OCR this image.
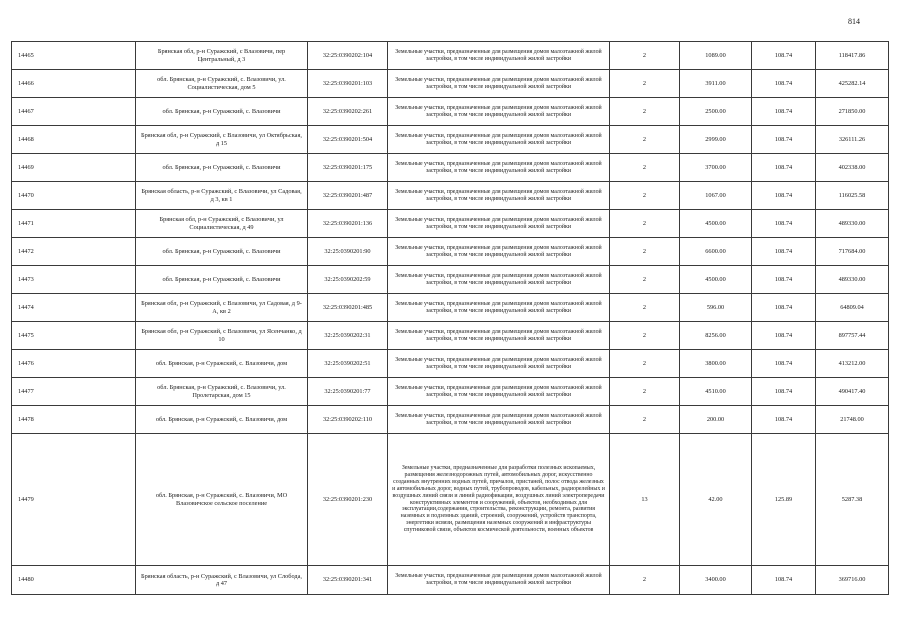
814
14465	Брянская обл, р-н Суражский, с Влазовичи, пер Центральный, д 3	32:25:0390202:104	Земельные участки, предназначенные для размещения домов малоэтажной жилой застройки, в том числе индивидуальной жилой застройки	2	1089.00	108.74	118417.86
14466	обл. Брянская, р-н Суражский, с. Влазовичи, ул. Социалистическая, дом 5	32:25:0390201:103	Земельные участки, предназначенные для размещения домов малоэтажной жилой застройки, в том числе индивидуальной жилой застройки	2	3911.00	108.74	425282.14
14467	обл. Брянская, р-н Суражский, с. Влазовичи	32:25:0390202:261	Земельные участки, предназначенные для размещения домов малоэтажной жилой застройки, в том числе индивидуальной жилой застройки	2	2500.00	108.74	271850.00
14468	Брянская обл, р-н Суражский, с Влазовичи, ул Октябрьская, д 15	32:25:0390201:504	Земельные участки, предназначенные для размещения домов малоэтажной жилой застройки, в том числе индивидуальной жилой застройки	2	2999.00	108.74	326111.26
14469	обл. Брянская, р-н Суражский, с. Влазовичи	32:25:0390201:175	Земельные участки, предназначенные для размещения домов малоэтажной жилой застройки, в том числе индивидуальной жилой застройки	2	3700.00	108.74	402338.00
14470	Брянская область, р-н Суражский, с Влазовичи, ул Садовая, д 3, кв 1	32:25:0390201:487	Земельные участки, предназначенные для размещения домов малоэтажной жилой застройки, в том числе индивидуальной жилой застройки	2	1067.00	108.74	116025.58
14471	Брянская обл, р-н Суражский, с Влазовичи, ул Социалистическая, д 49	32:25:0390201:136	Земельные участки, предназначенные для размещения домов малоэтажной жилой застройки, в том числе индивидуальной жилой застройки	2	4500.00	108.74	489330.00
14472	обл. Брянская, р-н Суражский, с. Влазовичи	32:25:0390201:90	Земельные участки, предназначенные для размещения домов малоэтажной жилой застройки, в том числе индивидуальной жилой застройки	2	6600.00	108.74	717684.00
14473	обл. Брянская, р-н Суражский, с. Влазовичи	32:25:0390202:59	Земельные участки, предназначенные для размещения домов малоэтажной жилой застройки, в том числе индивидуальной жилой застройки	2	4500.00	108.74	489330.00
14474	Брянская обл, р-н Суражский, с Влазовичи, ул Садовая, д 9-А, кв 2	32:25:0390201:485	Земельные участки, предназначенные для размещения домов малоэтажной жилой застройки, в том числе индивидуальной жилой застройки	2	596.00	108.74	64809.04
14475	Брянская обл, р-н Суражский, с Влазовичи, ул Ясенчанко, д 10	32:25:0390202:31	Земельные участки, предназначенные для размещения домов малоэтажной жилой застройки, в том числе индивидуальной жилой застройки	2	8256.00	108.74	897757.44
14476	обл. Брянская, р-н Суражский, с. Влазовичи, дом	32:25:0390202:51	Земельные участки, предназначенные для размещения домов малоэтажной жилой застройки, в том числе индивидуальной жилой застройки	2	3800.00	108.74	413212.00
14477	обл. Брянская, р-н Суражский, с. Влазовичи, ул. Пролетарская, дом 15	32:25:0390201:77	Земельные участки, предназначенные для размещения домов малоэтажной жилой застройки, в том числе индивидуальной жилой застройки	2	4510.00	108.74	490417.40
14478	обл. Брянская, р-н Суражский, с. Влазовичи, дом	32:25:0390202:110	Земельные участки, предназначенные для размещения домов малоэтажной жилой застройки, в том числе индивидуальной жилой застройки	2	200.00	108.74	21748.00
14479	обл. Брянская, р-н Суражский, с. Влазовичи, МО Влазовичское сельское поселение	32:25:0390201:230	Земельные участки, предназначенные для разработки полезных ископаемых, размещения железнодорожных путей, автомобильных дорог, искусственно созданных внутренних водных путей, причалов, пристаней, полос отвода железных и автомобильных дорог, водных путей, трубопроводов, кабельных, радиорелейных и воздушных линий связи и линий радиофикации, воздушных линий электропередачи конструктивных элементов и сооружений, объектов, необходимых для эксплуатации,содержания, строительства, реконструкции, ремонта, развития наземных и подземных зданий, строений, сооружений, устройств транспорта, энергетики исвязи, размещения наземных сооружений и инфраструктуры спутниковой связи, объектов космической деятельности, военных объектов	13	42.00	125.89	5287.38
14480	Брянская область, р-н Суражский, с Влазовичи, ул Слобода, д 47	32:25:0390201:341	Земельные участки, предназначенные для размещения домов малоэтажной жилой застройки, в том числе индивидуальной жилой застройки	2	3400.00	108.74	369716.00
